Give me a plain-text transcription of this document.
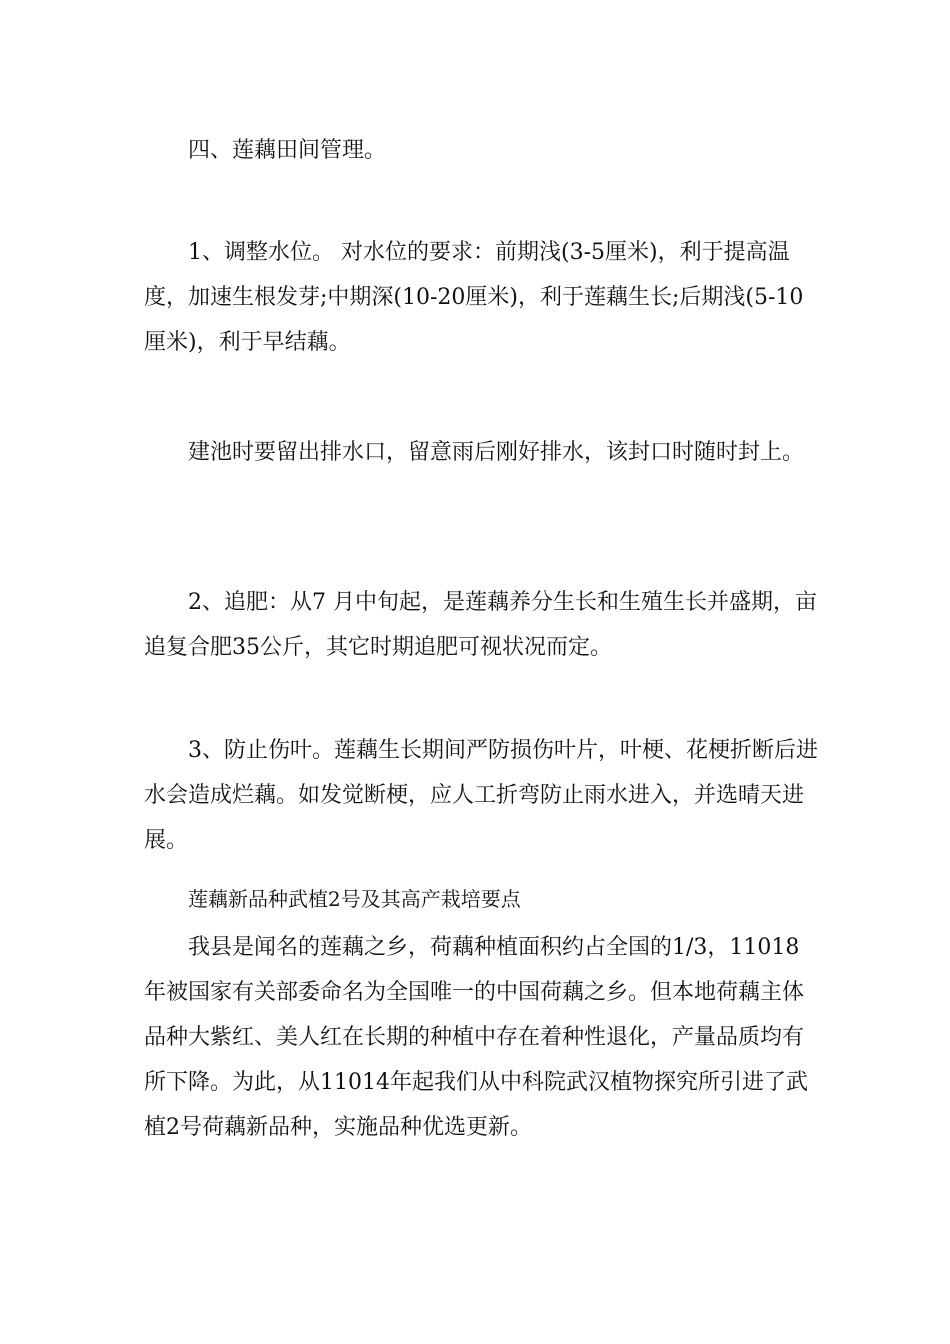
四、莲藕田间管理。

1、调整水位。 对水位的要求：前期浅(3-5厘米)，利于提高温度，加速生根发芽;中期深(10-20厘米)，利于莲藕生长;后期浅(5-10厘米)，利于早结藕。

建池时要留出排水口，留意雨后刚好排水，该封口时随时封上。

2、追肥：从7 月中旬起，是莲藕养分生长和生殖生长并盛期，亩追复合肥35公斤，其它时期追肥可视状况而定。

3、防止伤叶。莲藕生长期间严防损伤叶片，叶梗、花梗折断后进水会造成烂藕。如发觉断梗，应人工折弯防止雨水进入，并选晴天进展。

莲藕新品种武植2号及其高产栽培要点

我县是闻名的莲藕之乡，荷藕种植面积约占全国的1/3，11018年被国家有关部委命名为全国唯一的中国荷藕之乡。但本地荷藕主体品种大紫红、美人红在长期的种植中存在着种性退化，产量品质均有所下降。为此，从11014年起我们从中科院武汉植物探究所引进了武植2号荷藕新品种，实施品种优选更新。
